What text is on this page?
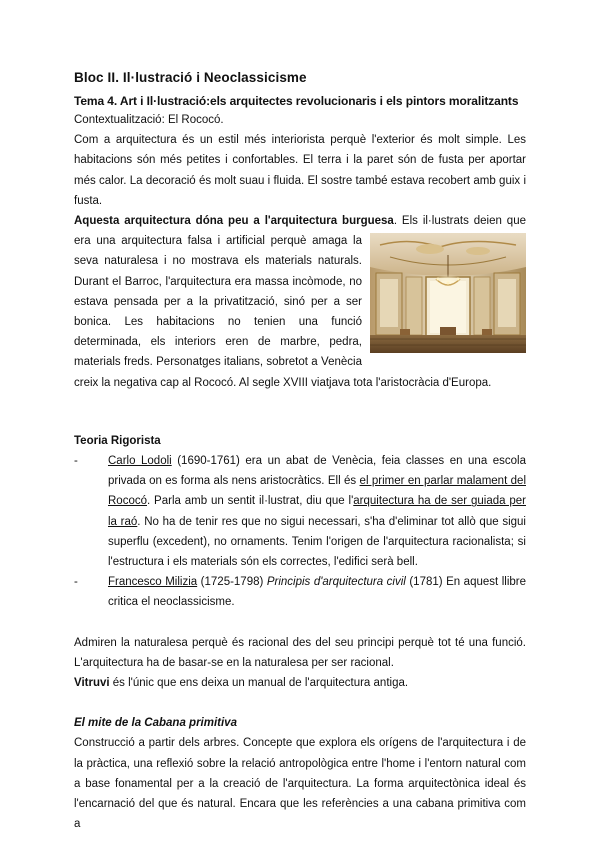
Bloc II. Il·lustració i Neoclassicisme
Tema 4. Art i Il·lustració:els arquitectes revolucionaris i els pintors moralitzants
Contextualització: El Rococó.

Com a arquitectura és un estil més interiorista perquè l'exterior és molt simple. Les habitacions són més petites i confortables. El terra i la paret són de fusta per aportar més calor. La decoració és molt suau i fluida. El sostre també estava recobert amb guix i fusta.

Aquesta arquitectura dóna peu a l'arquitectura burguesa
. Els il·lustrats deien que era una arquitectura falsa i artificial perquè amaga la seva naturalesa i no mostrava els materials naturals. Durant el Barroc, l'arquitectura era massa incòmode, no estava pensada per a la privatització, sinó per a ser bonica. Les habitacions no tenien una funció determinada, els interiors eren de marbre, pedra, materials freds. Personatges italians, sobretot a Venècia creix la negativa cap al Rococó. Al segle XVIII viatjava tota l'aristocràcia d'Europa.

Teoria Rigorista
-	Carlo Lodoli (1690-1761) era un abat de Venècia, feia classes en una escola privada on es forma als nens aristocràtics. Ell és el primer en parlar malament del Rococó. Parla amb un sentit il·lustrat, diu que l'arquitectura ha de ser guiada per la raó. No ha de tenir res que no sigui necessari, s'ha d'eliminar tot allò que sigui superflu (excedent), no ornaments. Tenim l'origen de l'arquitectura racionalista; si l'estructura i els materials són els correctes, l'edifici serà bell.
-	Francesco Milizia (1725-1798) Principis d'arquitectura civil (1781) En aquest llibre critica el neoclassicisme.

Admiren la naturalesa perquè és racional des del seu principi perquè tot té una funció. L'arquitectura ha de basar-se en la naturalesa per ser racional.

Vitruvi és l'únic que ens deixa un manual de l'arquitectura antiga.

El mite de la Cabana primitiva

Construcció a partir dels arbres. Concepte que explora els orígens de l'arquitectura i de la pràctica, una reflexió sobre la relació antropològica entre l'home i l'entorn natural com a base fonamental per a la creació de l'arquitectura. La forma arquitectònica ideal és l'encarnació del que és natural. Encara que les referències a una cabana primitiva com a
